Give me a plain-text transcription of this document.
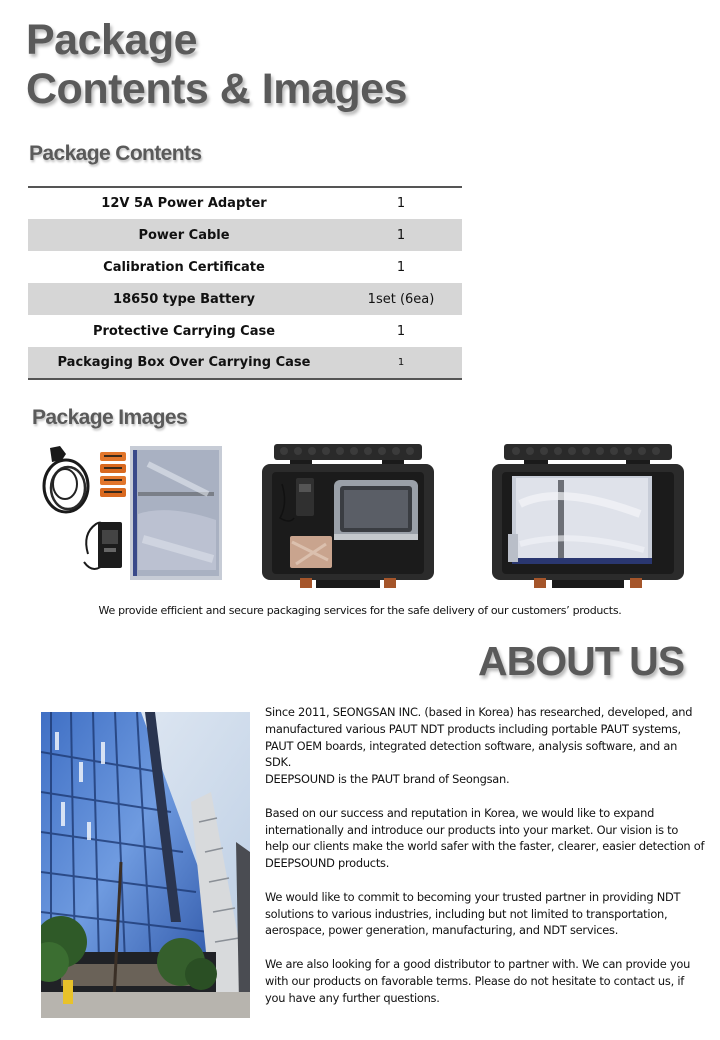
Package
Contents & Images
Package Contents
12V 5A Power Adapter	1
Power Cable	1
Calibration Certificate	1
18650 type Battery	1set (6ea)
Protective Carrying Case	1
Packaging Box Over Carrying Case	1
Package Images
We provide efficient and secure packaging services for the safe delivery of our customers’ products.
ABOUT US

Since 2011, SEONGSAN INC. (based in Korea) has researched, developed, and manufactured various PAUT NDT products including portable PAUT systems, PAUT OEM boards, integrated detection software, analysis software, and an SDK.
DEEPSOUND is the PAUT brand of Seongsan.

Based on our success and reputation in Korea, we would like to expand internationally and introduce our products into your market. Our vision is to help our clients make the world safer with the faster, clearer, easier detection of DEEPSOUND products.

We would like to commit to becoming your trusted partner in providing NDT solutions to various industries, including but not limited to transportation, aerospace, power generation, manufacturing, and NDT services.

We are also looking for a good distributor to partner with. We can provide you with our products on favorable terms. Please do not hesitate to contact us, if you have any further questions.
